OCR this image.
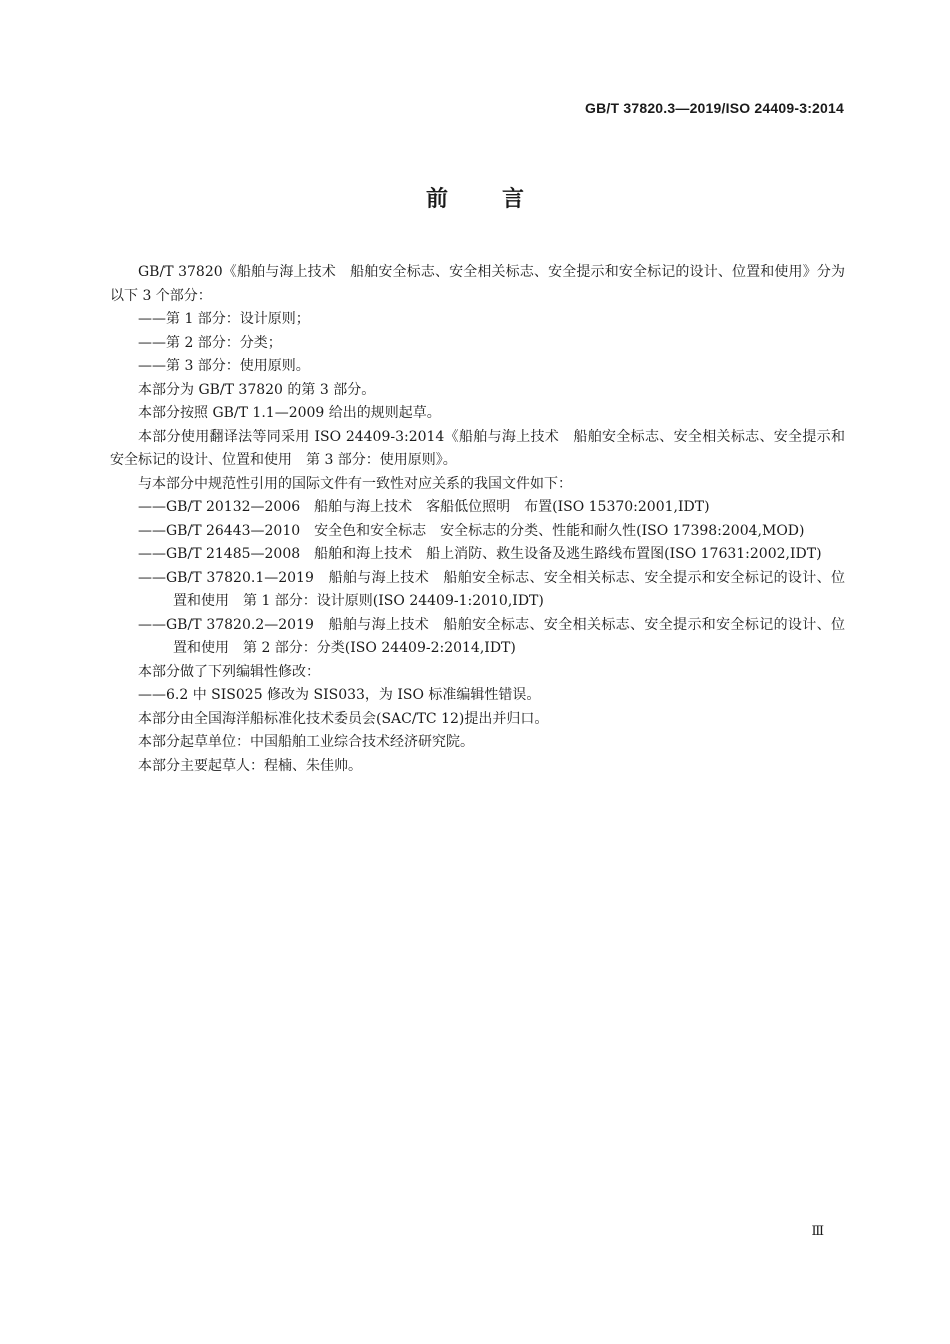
GB/T 37820.3—2019/ISO 24409-3:2014
前言

GB/T 37820《船舶与海上技术　船舶安全标志、安全相关标志、安全提示和安全标记的设计、位置和使用》分为以下 3 个部分：

——第 1 部分：设计原则；

——第 2 部分：分类；

——第 3 部分：使用原则。

本部分为 GB/T 37820 的第 3 部分。

本部分按照 GB/T 1.1—2009 给出的规则起草。

本部分使用翻译法等同采用 ISO 24409-3:2014《船舶与海上技术　船舶安全标志、安全相关标志、安全提示和安全标记的设计、位置和使用　第 3 部分：使用原则》。

与本部分中规范性引用的国际文件有一致性对应关系的我国文件如下：

——GB/T 20132—2006　船舶与海上技术　客船低位照明　布置(ISO 15370:2001,IDT)

——GB/T 26443—2010　安全色和安全标志　安全标志的分类、性能和耐久性(ISO 17398:2004,MOD)

——GB/T 21485—2008　船舶和海上技术　船上消防、救生设备及逃生路线布置图(ISO 17631:2002,IDT)

——GB/T 37820.1—2019　船舶与海上技术　船舶安全标志、安全相关标志、安全提示和安全标记的设计、位置和使用　第 1 部分：设计原则(ISO 24409-1:2010,IDT)

——GB/T 37820.2—2019　船舶与海上技术　船舶安全标志、安全相关标志、安全提示和安全标记的设计、位置和使用　第 2 部分：分类(ISO 24409-2:2014,IDT)

本部分做了下列编辑性修改：

——6.2 中 SIS025 修改为 SIS033，为 ISO 标准编辑性错误。

本部分由全国海洋船标准化技术委员会(SAC/TC 12)提出并归口。

本部分起草单位：中国船舶工业综合技术经济研究院。

本部分主要起草人：程楠、朱佳帅。

Ⅲ
